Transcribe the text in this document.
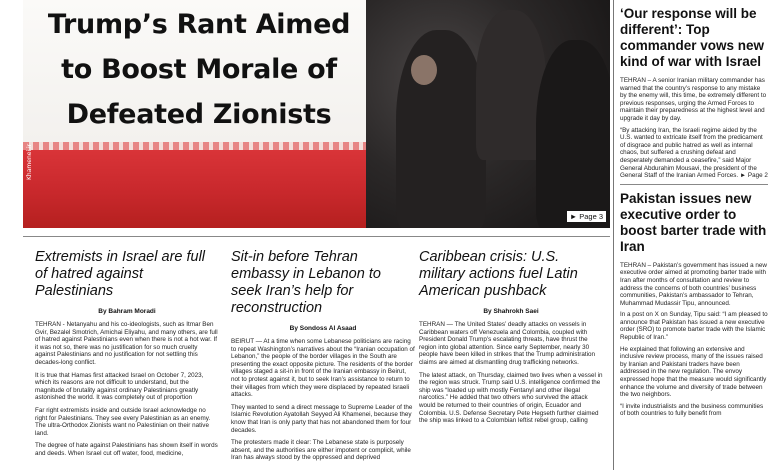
Trump’s Rant Aimed to Boost Morale of Defeated Zionists
Khamenei.ir
► Page 3
Extremists in Israel are full of hatred against Palestinians

By Bahram Moradi

TEHRAN - Netanyahu and his co-ideologists, such as Itmar Ben Gvir, Bezalel Smotrich, Amichai Eliyahu, and many others, are full of hatred against Palestinians even when there is not a hot war. If it was not so, there was no justification for so much cruelty against Palestinians and no justification for not settling this decades-long conflict.

It is true that Hamas first attacked Israel on October 7, 2023, which its reasons are not difficult to understand, but the magnitude of brutality against ordinary Palestinians greatly astonished the world. It was completely out of proportion

Far right extremists inside and outside Israel acknowledge no right for Palestinians. They see every Palestinian as an enemy. The ultra-Orthodox Zionists want no Palestinian on their native land.

The degree of hate against Palestinians has shown itself in words and deeds. When Israel cut off water, food, medicine,

Sit-in before Tehran embassy in Lebanon to seek Iran’s help for reconstruction

By Sondoss Al Asaad

BEIRUT — At a time when some Lebanese politicians are racing to repeat Washington’s narratives about the “Iranian occupation of Lebanon,” the people of the border villages in the South are presenting the exact opposite picture. The residents of the border villages staged a sit-in in front of the Iranian embassy in Beirut, not to protest against it, but to seek Iran’s assistance to return to their villages from which they were displaced by repeated Israeli attacks.

They wanted to send a direct message to Supreme Leader of the Islamic Revolution Ayatollah Seyyed Ali Khamenei, because they know that Iran is only party that has not abandoned them for four decades.

The protesters made it clear: The Lebanese state is purposely absent, and the authorities are either impotent or complicit, while Iran has always stood by the oppressed and deprived

Caribbean crisis: U.S. military actions fuel Latin American pushback

By Shahrokh Saei

TEHRAN — The United States’ deadly attacks on vessels in Caribbean waters off Venezuela and Colombia, coupled with President Donald Trump’s escalating threats, have thrust the region into global attention. Since early September, nearly 30 people have been killed in strikes that the Trump administration claims are aimed at dismantling drug trafficking networks.

The latest attack, on Thursday, claimed two lives when a vessel in the region was struck. Trump said U.S. intelligence confirmed the ship was “loaded up with mostly Fentanyl and other illegal narcotics.” He added that two others who survived the attack would be returned to their countries of origin, Ecuador and Colombia. U.S. Defense Secretary Pete Hegseth further claimed the ship was linked to a Colombian leftist rebel group, calling

‘Our response will be different’: Top commander vows new kind of war with Israel

TEHRAN – A senior Iranian military commander has warned that the country’s response to any mistake by the enemy will, this time, be extremely different to previous responses, urging the Armed Forces to maintain their preparedness at the highest level and upgrade it day by day.

“By attacking Iran, the Israeli regime aided by the U.S. wanted to extricate itself from the predicament of disgrace and public hatred as well as internal chaos, but suffered a crushing defeat and desperately demanded a ceasefire,” said Major General Abdurahim Mousavi, the president of the General Staff of the Iranian Armed Forces. ► Page 2

Pakistan issues new executive order to boost barter trade with Iran

TEHRAN – Pakistan’s government has issued a new executive order aimed at promoting barter trade with Iran after months of consultation and review to address the concerns of both countries’ business communities, Pakistan’s ambassador to Tehran, Muhammad Mudassir Tipu, announced.

In a post on X on Sunday, Tipu said: “I am pleased to announce that Pakistan has issued a new executive order (SRO) to promote barter trade with the Islamic Republic of Iran.”

He explained that following an extensive and inclusive review process, many of the issues raised by Iranian and Pakistani traders have been addressed in the new regulation. The envoy expressed hope that the measure would significantly enhance the volume and diversity of trade between the two neighbors.

“I invite industrialists and the business communities of both countries to fully benefit from
